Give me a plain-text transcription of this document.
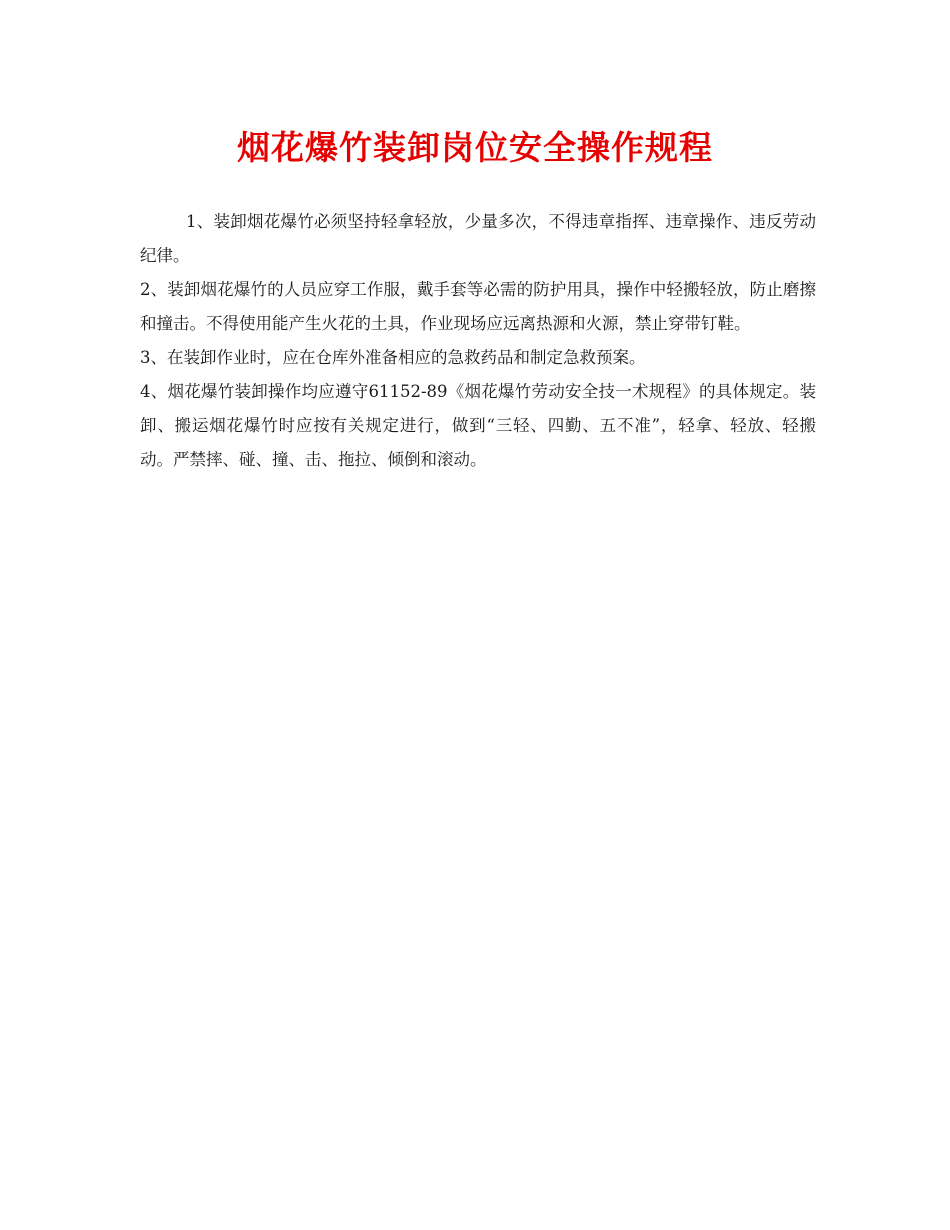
烟花爆竹装卸岗位安全操作规程

1、装卸烟花爆竹必须坚持轻拿轻放，少量多次，不得违章指挥、违章操作、违反劳动纪律。

2、装卸烟花爆竹的人员应穿工作服，戴手套等必需的防护用具，操作中轻搬轻放，防止磨擦和撞击。不得使用能产生火花的土具，作业现场应远离热源和火源，禁止穿带钉鞋。

3、在装卸作业时，应在仓库外准备相应的急救药品和制定急救预案。

4、烟花爆竹装卸操作均应遵守61152-89《烟花爆竹劳动安全技一术规程》的具体规定。装卸、搬运烟花爆竹时应按有关规定进行，做到“三轻、四勤、五不准”，轻拿、轻放、轻搬动。严禁摔、碰、撞、击、拖拉、倾倒和滚动。
